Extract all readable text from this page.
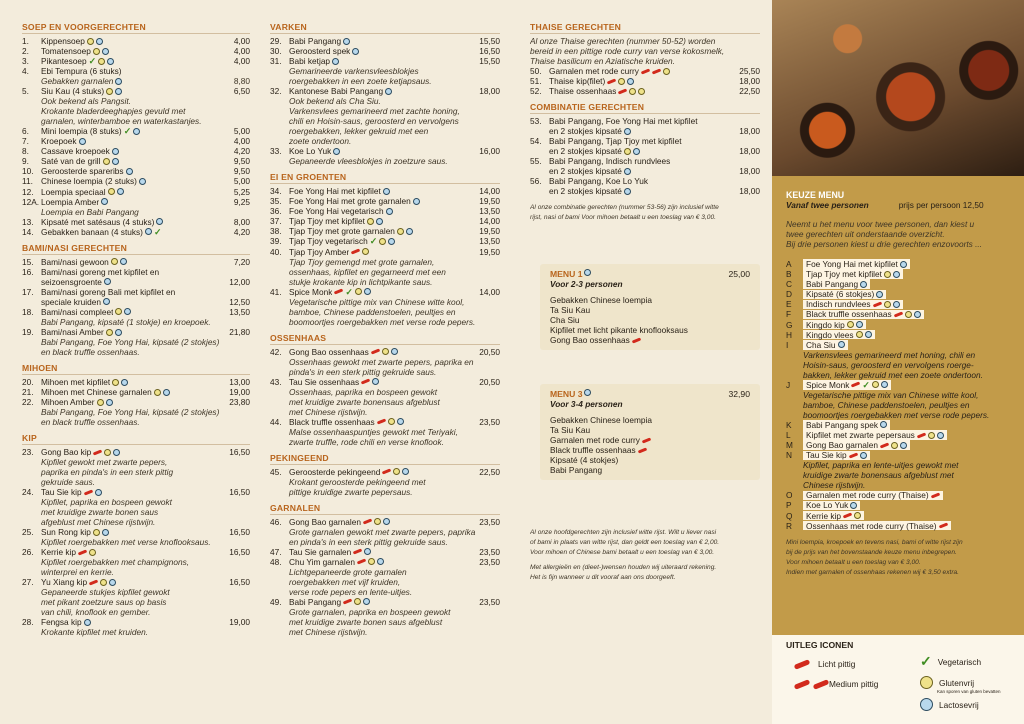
SOEP EN VOORGERECHTEN
1.	Kippensoep	4,00
2.	Tomatensoep	4,00
3.	Pikantesoep ✓	4,00
4.	Ebi Tempura (6 stuks)
Gebakken garnalen	8,80
5.	Siu Kau (4 stuks)	6,50
Ook bekend als Pangsit.
Krokante bladerdeeghapjes gevuld met
garnalen, winterbamboe en waterkastanjes.
6.	Mini loempia (8 stuks) ✓	5,00
7.	Kroepoek	4,00
8.	Cassave kroepoek	4,20
9.	Saté van de grill	9,50
10. Geroosterde spareribs	9,50
11. Chinese loempia (2 stuks)	5,00
12. Loempia speciaal	5,25
12A. Loempia Amber	9,25
Loempia en Babi Pangang
13. Kipsaté met satésaus (4 stuks)	8,00
14. Gebakken banaan (4 stuks) ✓	4,20
BAMI/NASI GERECHTEN
15. Bami/nasi gewoon	7,20
16. Bami/nasi goreng met kipfilet en
seizoensgroente	12,00
17. Bami/nasi goreng Bali met kipfilet en
speciale kruiden	12,50
18. Bami/nasi compleet	13,50
Babi Pangang, kipsaté (1 stokje) en kroepoek.
19. Bami/nasi Amber	21,80
Babi Pangang, Foe Yong Hai, kipsaté (2 stokjes)
en black truffle ossenhaas.
MIHOEN
20. Mihoen met kipfilet	13,00
21. Mihoen met Chinese garnalen	19,00
22. Mihoen Amber	23,80
Babi Pangang, Foe Yong Hai, kipsaté (2 stokjes)
en black truffle ossenhaas.
KIP
23. Gong Bao kip	16,50
Kipfilet gewokt met zwarte pepers,
paprika en pinda's in een sterk pittig
gekruide saus.
24. Tau Sie kip	16,50
Kipfilet, paprika en bospeen gewokt
met kruidige zwarte bonen saus
afgeblust met Chinese rijstwijn.
25. Sun Rong kip	16,50
Kipfilet roergebakken met verse knoflooksaus.
26. Kerrie kip	16,50
Kipfilet roergebakken met champignons,
winterprei en kerrie.
27. Yu Xiang kip	16,50
Gepaneerde stukjes kipfilet gewokt
met pikant zoetzure saus op basis
van chili, knoflook en gember.
28. Fengsa kip	19,00
Krokante kipfilet met kruiden.
VARKEN
29. Babi Pangang	15,50
30. Geroosterd spek	16,50
31. Babi ketjap	15,50
Gemarineerde varkensvleesblokjes
roergebakken in een zoete ketjapsaus.
32. Kantonese Babi Pangang	18,00
Ook bekend als Cha Siu.
Varkensvlees gemarineerd met zachte honing,
chili en Hoisin-saus, geroosterd en vervolgens
roergebakken, lekker gekruid met een
zoete ondertoon.
33. Koe Lo Yuk	16,00
Gepaneerde vleesblokjes in zoetzure saus.
EI EN GROENTEN
34. Foe Yong Hai met kipfilet	14,00
35. Foe Yong Hai met grote garnalen	19,50
36. Foe Yong Hai vegetarisch	13,50
37. Tjap Tjoy met kipfilet	14,00
38. Tjap Tjoy met grote garnalen	19,50
39. Tjap Tjoy vegetarisch ✓	13,50
40. Tjap Tjoy Amber	19,50
Tjap Tjoy gemengd met grote garnalen,
ossenhaas, kipfilet en gegarneerd met een
stukje krokante kip in lichtpikante saus.
41. Spice Monk ✓	14,00
Vegetarische pittige mix van Chinese witte kool,
bamboe, Chinese paddenstoelen, peultjes en
boomoortjes roergebakken met verse rode pepers.
OSSENHAAS
42. Gong Bao ossenhaas	20,50
Ossenhaas gewokt met zwarte pepers, paprika en
pinda's in een sterk pittig gekruide saus.
43. Tau Sie ossenhaas	20,50
Ossenhaas, paprika en bospeen gewokt
met kruidige zwarte bonensaus afgeblust
met Chinese rijstwijn.
44. Black truffle ossenhaas	23,50
Malse ossenhaaspuntjes gewokt met Teriyaki,
zwarte truffle, rode chili en verse knoflook.
PEKINGEEND
45. Geroosterde pekingeend	22,50
Krokant geroosterde pekingeend met
pittige kruidige zwarte pepersaus.
GARNALEN
46. Gong Bao garnalen	23,50
Grote garnalen gewokt met zwarte pepers, paprika
en pinda's in een sterk pittig gekruide saus.
47. Tau Sie garnalen	23,50
48. Chu Yim garnalen	23,50
Lichtgepaneerde grote garnalen
roergebakken met vijf kruiden,
verse rode pepers en lente-uitjes.
49. Babi Pangang	23,50
Grote garnalen, paprika en bospeen gewokt
met kruidige zwarte bonen saus afgeblust
met Chinese rijstwijn.
THAISE GERECHTEN
Al onze Thaise gerechten (nummer 50-52) worden
bereid in een pittige rode curry van verse kokosmelk,
Thaise basilicum en Aziatische kruiden.
50. Garnalen met rode curry	25,50
51. Thaise kip(filet)	18,00
52. Thaise ossenhaas	22,50
COMBINATIE GERECHTEN
53. Babi Pangang, Foe Yong Hai met kipfilet
en 2 stokjes kipsaté	18,00
54. Babi Pangang, Tjap Tjoy met kipfilet
en 2 stokjes kipsaté	18,00
55. Babi Pangang, Indisch rundvlees
en 2 stokjes kipsaté	18,00
56. Babi Pangang, Koe Lo Yuk
en 2 stokjes kipsaté	18,00
Al onze combinatie gerechten (nummer 53-56) zijn inclusief witte
rijst, nasi of bami Voor mihoen betaalt u een toeslag van € 3,00.
MENU 1	25,00
Voor 2-3 personen
Gebakken Chinese loempia
Ta Siu Kau
Cha Siu
Kipfilet met licht pikante knoflooksaus
Gong Bao ossenhaas
MENU 3	32,90
Voor 3-4 personen
Gebakken Chinese loempia
Ta Siu Kau
Garnalen met rode curry
Black truffle ossenhaas
Kipsaté (4 stokjes)
Babi Pangang
Al onze hoofdgerechten zijn inclusief witte rijst. Wilt u liever nasi
of bami in plaats van witte rijst, dan geldt een toeslag van € 2,00.
Voor mihoen of Chinese bami betaalt u een toeslag van € 3,00.
Met allergieën en (dieet-)wensen houden wij uiteraard rekening.
Het is fijn wanneer u dit vooraf aan ons doorgeeft.
KEUZE MENU
Vanaf twee personen	prijs per persoon 12,50
Neemt u het menu voor twee personen, dan kiest u
twee gerechten uit onderstaande overzicht.
Bij drie personen kiest u drie gerechten enzovoorts ...
A	Foe Yong Hai met kipfilet
B	Tjap Tjoy met kipfilet
C	Babi Pangang
D	Kipsaté (6 stokjes)
E	Indisch rundvlees
F	Black truffle ossenhaas
G	Kingdo kip
H	Kingdo vlees
I	Cha Siu
Varkensvlees gemarineerd met honing, chili en
Hoisin-saus, geroosterd en vervolgens roerge-
bakken, lekker gekruid met een zoete ondertoon.
J	Spice Monk ✓
Vegetarische pittige mix van Chinese witte kool,
bamboe, Chinese paddenstoelen, peultjes en
boomoortjes roergebakken met verse rode pepers.
K	Babi Pangang spek
L	Kipfilet met zwarte pepersaus
M	Gong Bao garnalen
N	Tau Sie kip
Kipfilet, paprika en lente-uitjes gewokt met
kruidige zwarte bonensaus afgeblust met
Chinese rijstwijn.
O	Garnalen met rode curry (Thaise)
P	Koe Lo Yuk
Q	Kerrie kip
R	Ossenhaas met rode curry (Thaise)
Mini loempia, kroepoek en tevens nasi, bami of witte rijst zijn
bij de prijs van het bovenstaande keuze menu inbegrepen.
Voor mihoen betaalt u een toeslag van € 3,00.
Indien met garnalen of ossenhaas rekenen wij € 3,50 extra.
UITLEG ICONEN
Licht pittig
Medium pittig
✓ Vegetarisch
Glutenvrij
Kan sporen van gluten bevatten
Lactosevrij
